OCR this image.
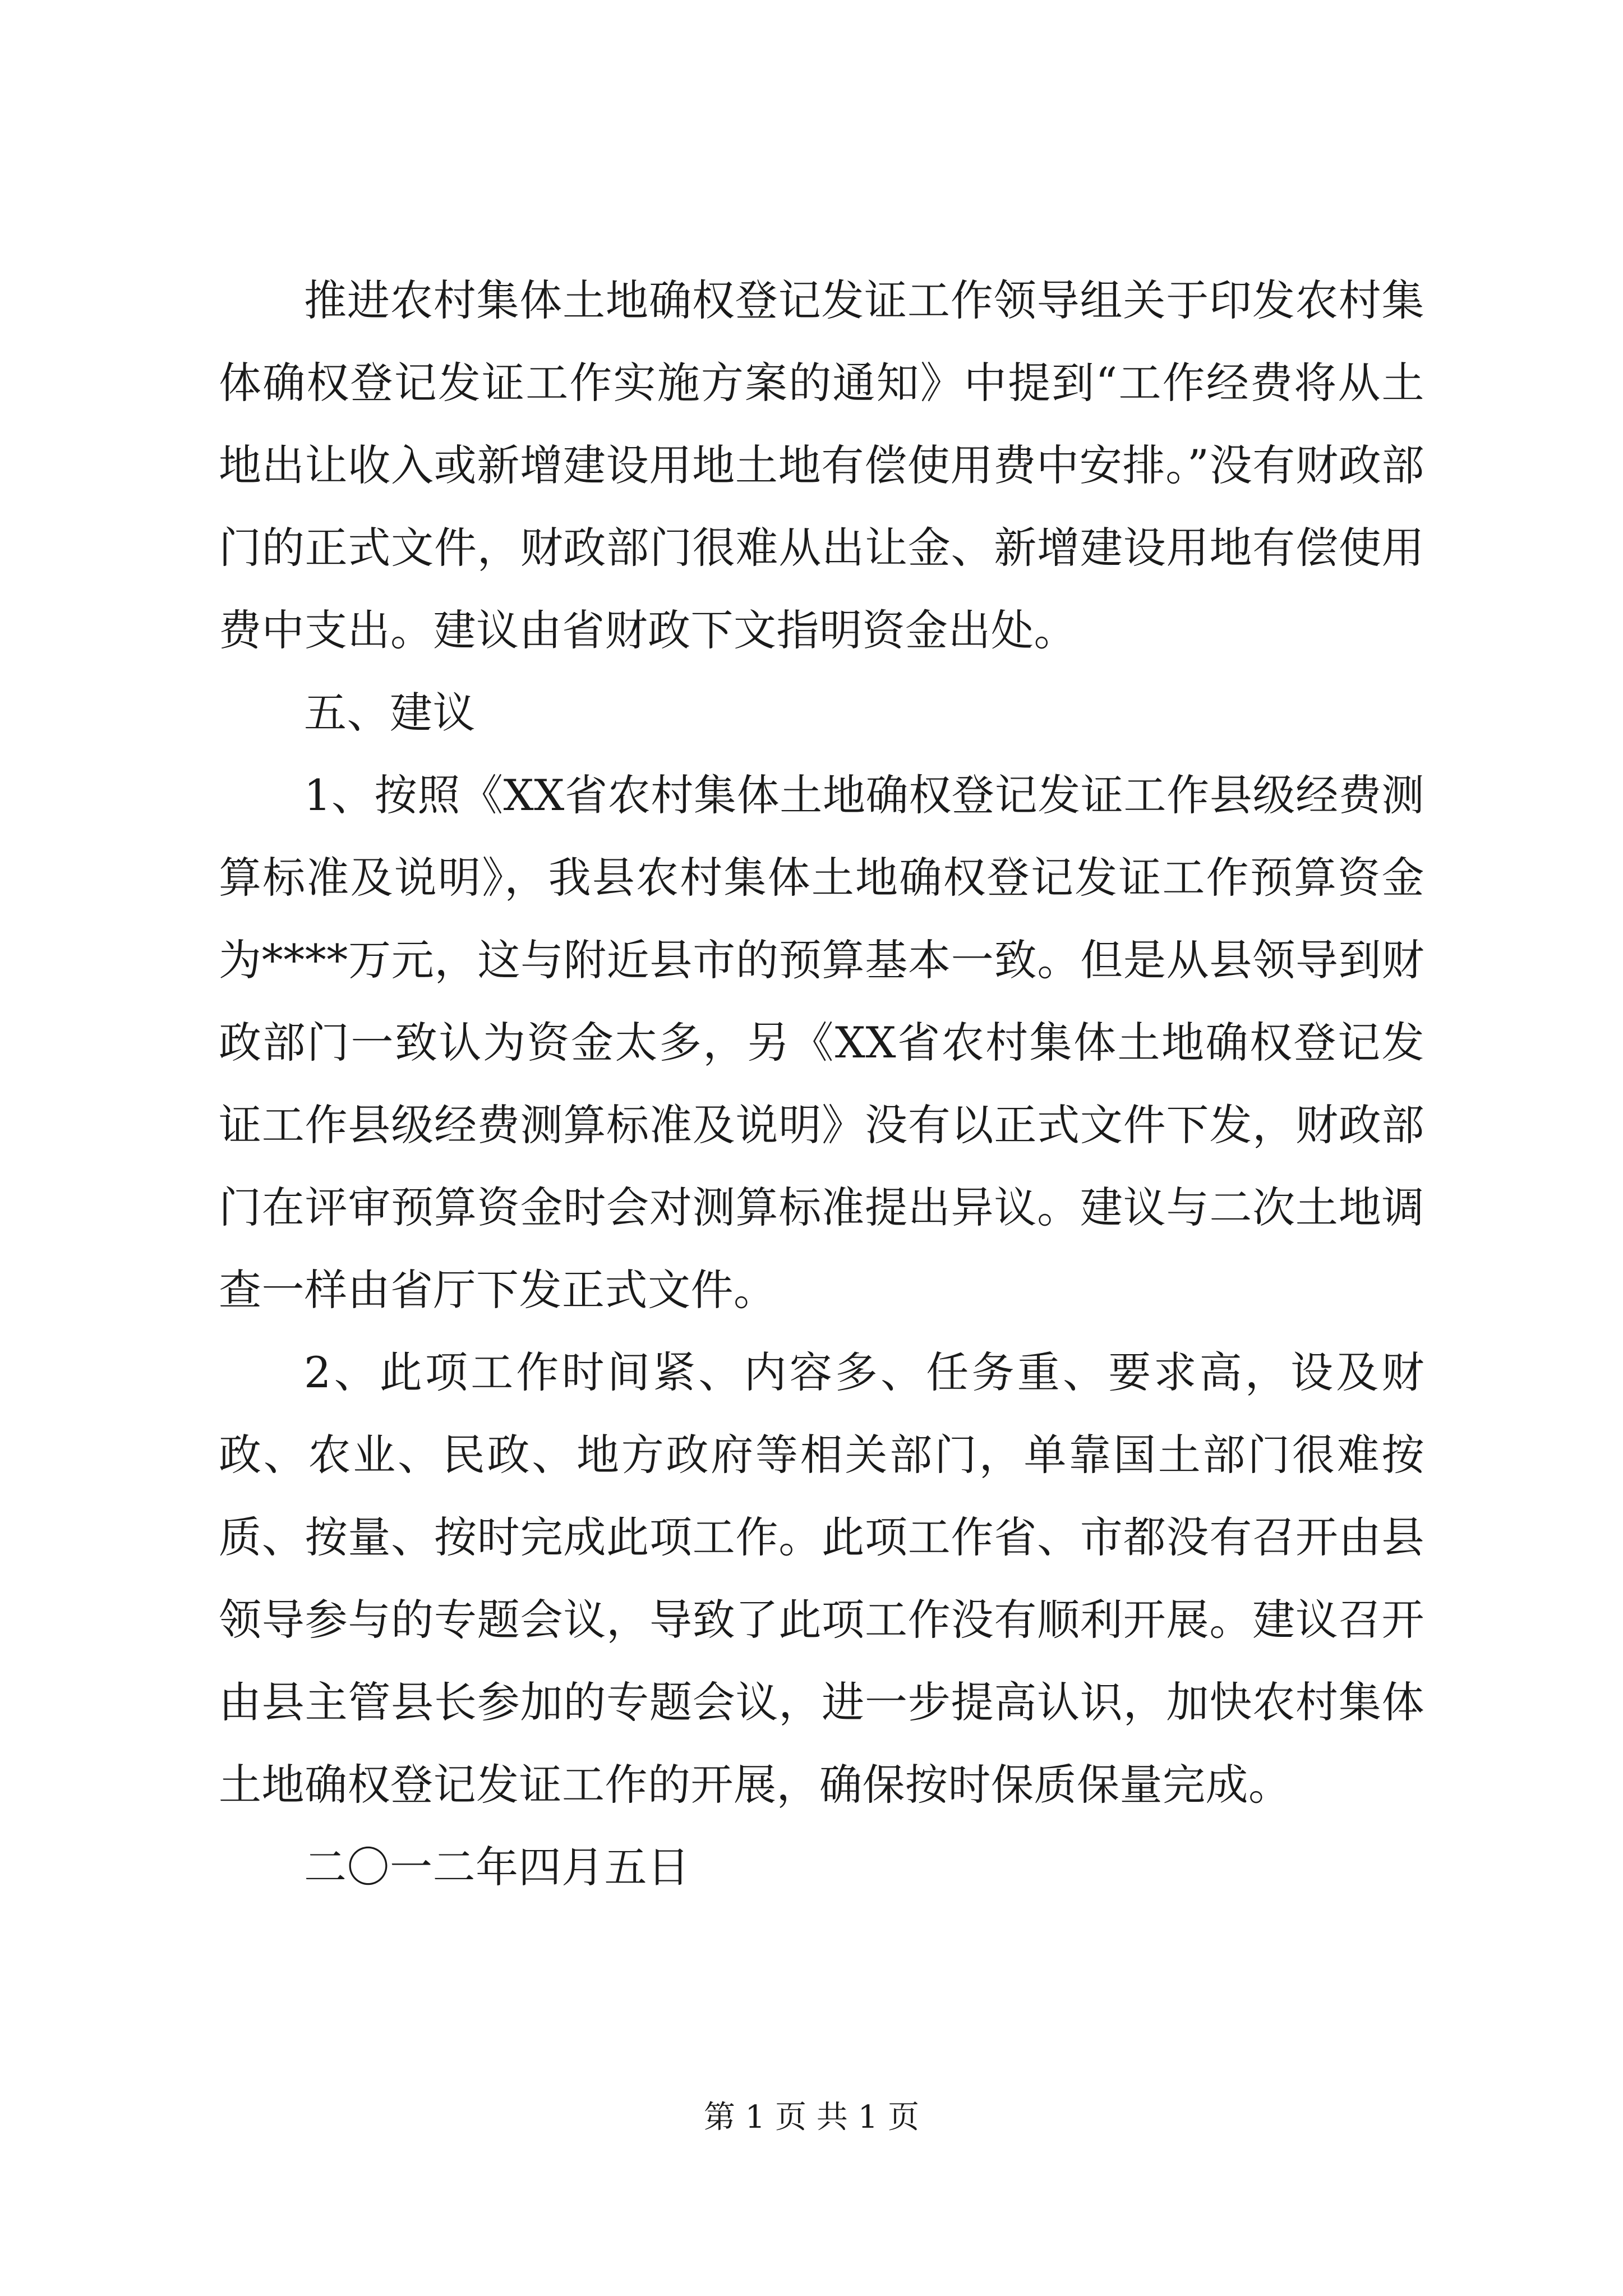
推进农村集体土地确权登记发证工作领导组关于印发农村集体确权登记发证工作实施方案的通知》中提到“工作经费将从土地出让收入或新增建设用地土地有偿使用费中安排。”没有财政部门的正式文件，财政部门很难从出让金、新增建设用地有偿使用费中支出。建议由省财政下文指明资金出处。

五、建议

1、按照《XX省农村集体土地确权登记发证工作县级经费测算标准及说明》，我县农村集体土地确权登记发证工作预算资金为****万元，这与附近县市的预算基本一致。但是从县领导到财政部门一致认为资金太多，另《XX省农村集体土地确权登记发证工作县级经费测算标准及说明》没有以正式文件下发，财政部门在评审预算资金时会对测算标准提出异议。建议与二次土地调查一样由省厅下发正式文件。

2、此项工作时间紧、内容多、任务重、要求高，设及财政、农业、民政、地方政府等相关部门，单靠国土部门很难按质、按量、按时完成此项工作。此项工作省、市都没有召开由县领导参与的专题会议，导致了此项工作没有顺利开展。建议召开由县主管县长参加的专题会议，进一步提高认识，加快农村集体土地确权登记发证工作的开展，确保按时保质保量完成。

二〇一二年四月五日

第 1 页 共 1 页
